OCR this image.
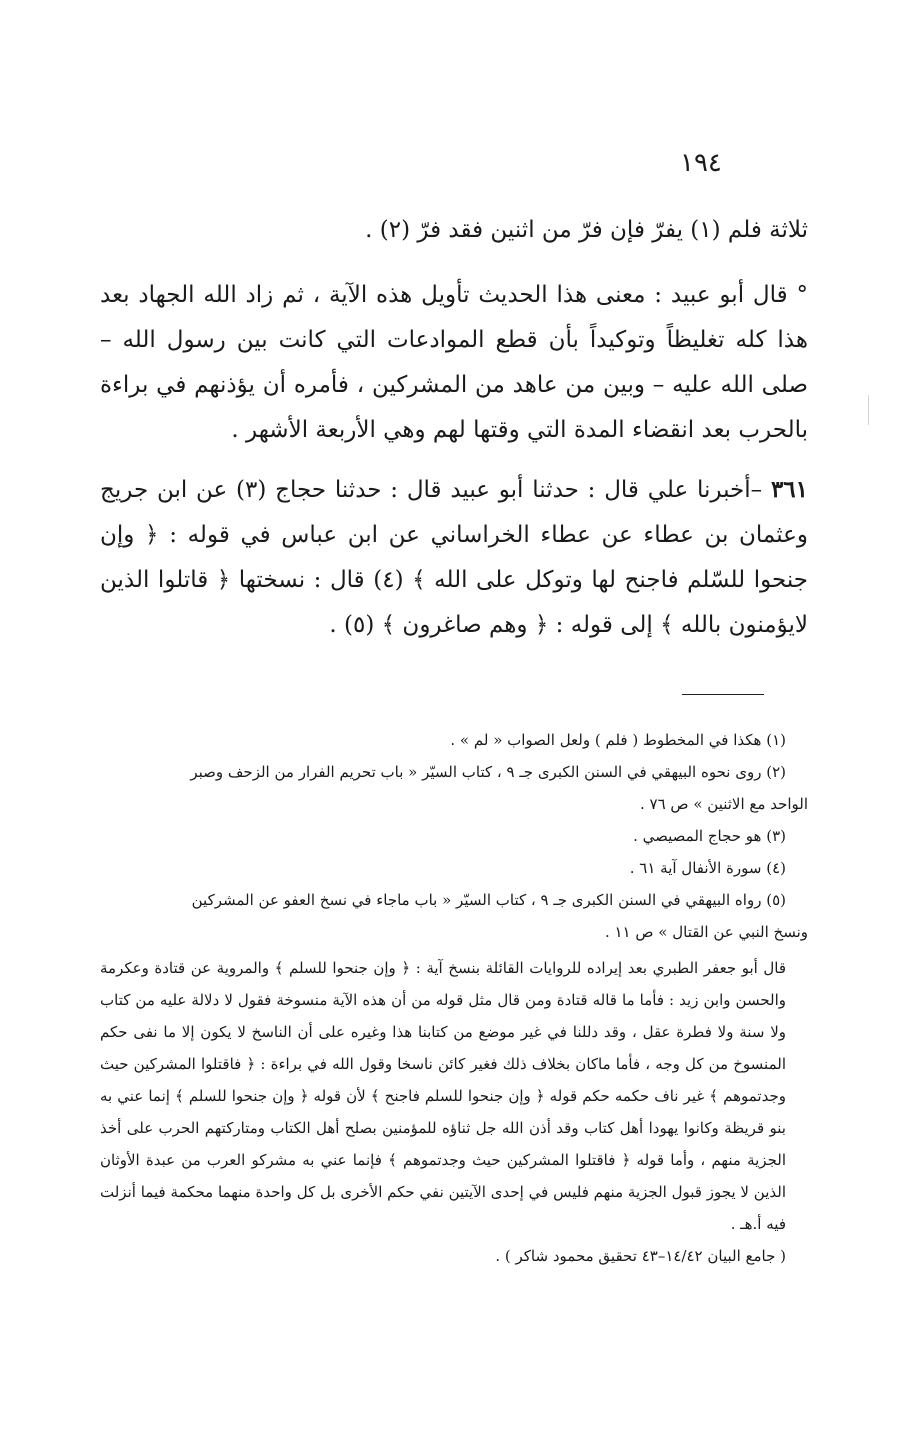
١٩٤

ثلاثة فلم (١) يفرّ فإن فرّ من اثنين فقد فرّ (٢) .

° قال أبو عبيد : معنى هذا الحديث تأويل هذه الآية ، ثم زاد الله الجهاد بعد هذا كله تغليظاً وتوكيداً بأن قطع الموادعات التي كانت بين رسول الله – صلى الله عليه – وبين من عاهد من المشركين ، فأمره أن يؤذنهم في براءة بالحرب بعد انقضاء المدة التي وقتها لهم وهي الأربعة الأشهر .

٣٦١ –أخبرنا علي قال : حدثنا أبو عبيد قال : حدثنا حجاج (٣) عن ابن جريج وعثمان بن عطاء عن عطاء الخراساني عن ابن عباس في قوله : ﴿ وإن جنحوا للسّلم فاجنح لها وتوكل على الله ﴾ (٤) قال : نسختها ﴿ قاتلوا الذين لايؤمنون بالله ﴾ إلى قوله : ﴿ وهم صاغرون ﴾ (٥) .

(١) هكذا في المخطوط ( فلم ) ولعل الصواب « لم » .

(٢) روى نحوه البيهقي في السنن الكبرى جـ ٩ ، كتاب السيّر « باب تحريم الفرار من الزحف وصبر

الواحد مع الاثنين » ص ٧٦ .

(٣) هو حجاج المصيصي .

(٤) سورة الأنفال آية ٦١ .

(٥) رواه البيهقي في السنن الكبرى جـ ٩ ، كتاب السيّر « باب ماجاء في نسخ العفو عن المشركين

ونسخ النبي عن القتال » ص ١١ .

قال أبو جعفر الطبري بعد إيراده للروايات القائلة بنسخ آية : ﴿ وإن جنحوا للسلم ﴾ والمروية عن قتادة وعكرمة والحسن وابن زيد : فأما ما قاله قتادة ومن قال مثل قوله من أن هذه الآية منسوخة فقول لا دلالة عليه من كتاب ولا سنة ولا فطرة عقل ، وقد دللنا في غير موضع من كتابنا هذا وغيره على أن الناسخ لا يكون إلا ما نفى حكم المنسوخ من كل وجه ، فأما ماكان بخلاف ذلك فغير كائن ناسخا وقول الله في براءة : ﴿ فاقتلوا المشركين حيث وجدتموهم ﴾ غير ناف حكمه حكم قوله ﴿ وإن جنحوا للسلم فاجنح ﴾ لأن قوله ﴿ وإن جنحوا للسلم ﴾ إنما عني به بنو قريظة وكانوا يهودا أهل كتاب وقد أذن الله جل ثناؤه للمؤمنين بصلح أهل الكتاب ومتاركتهم الحرب على أخذ الجزية منهم ، وأما قوله ﴿ فاقتلوا المشركين حيث وجدتموهم ﴾ فإنما عني به مشركو العرب من عبدة الأوثان الذين لا يجوز قبول الجزية منهم فليس في إحدى الآيتين نفي حكم الأخرى بل كل واحدة منهما محكمة فيما أنزلت فيه أ.هـ .

( جامع البيان ١٤/٤٢–٤٣ تحقيق محمود شاكر ) .
